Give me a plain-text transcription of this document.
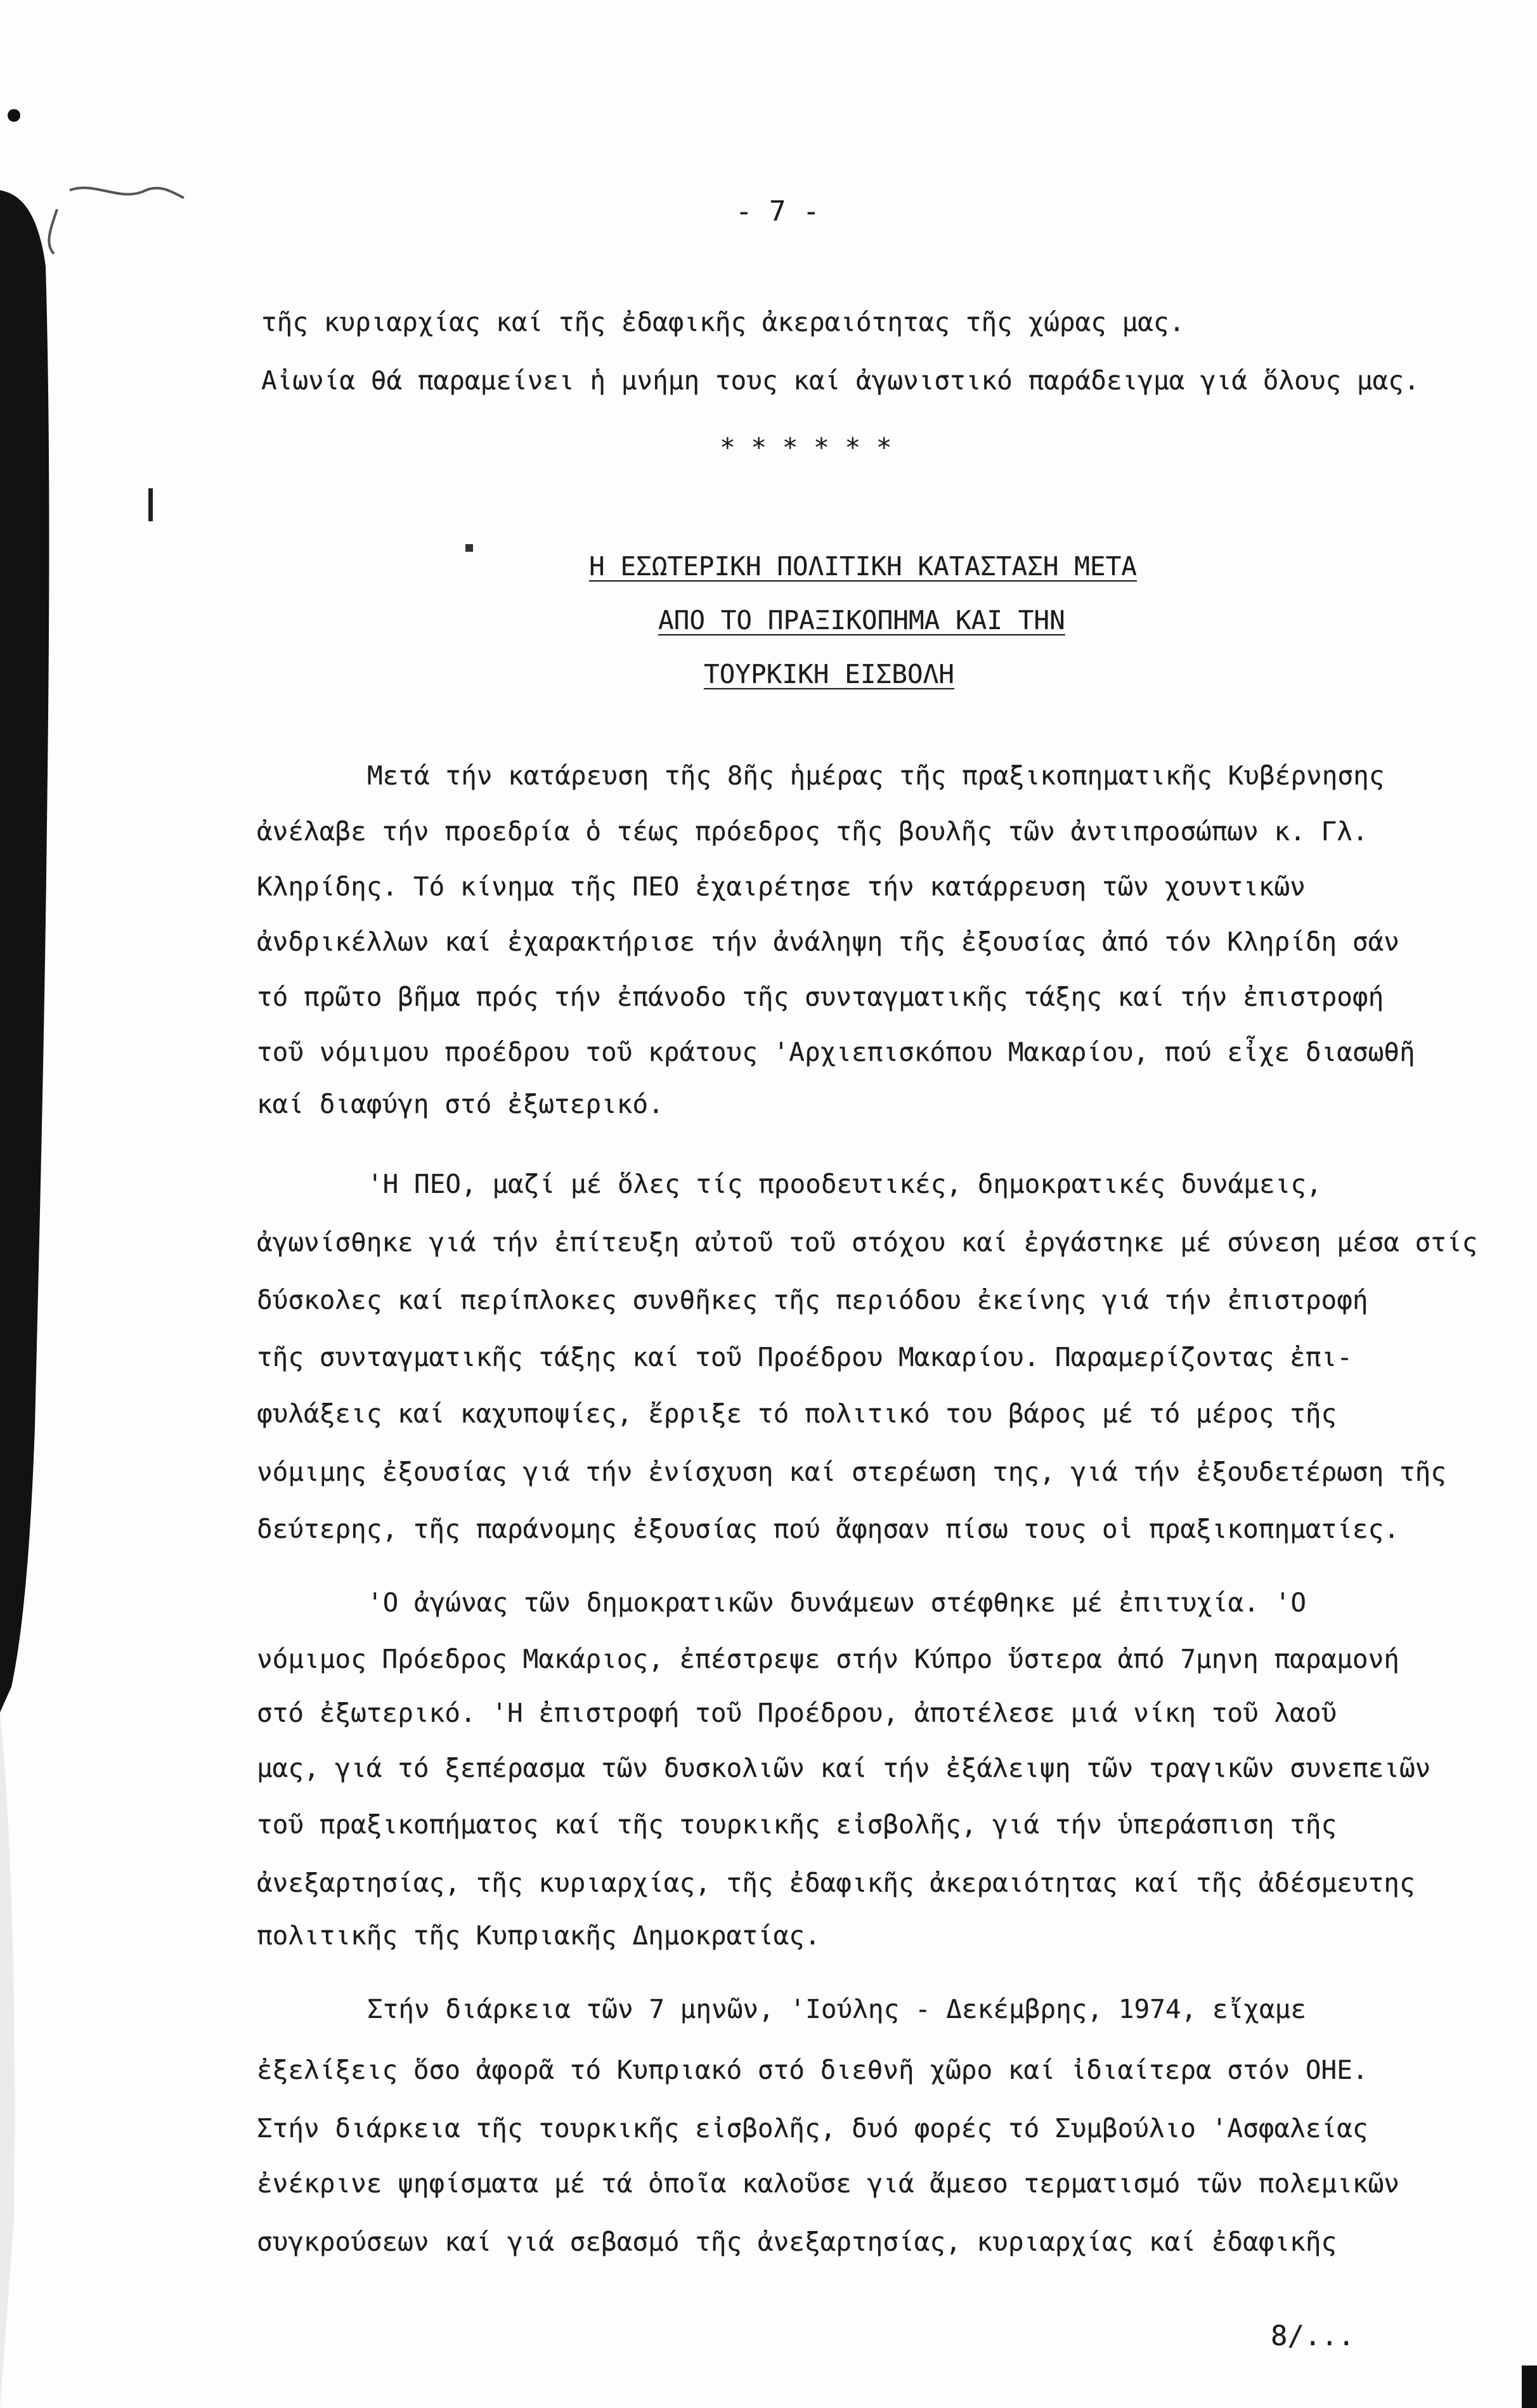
- 7 -
τῆς κυριαρχίας καί τῆς ἐδαφικῆς ἀκεραιότητας τῆς χώρας μας.
Αἰωνία θά παραμείνει ἡ μνήμη τους καί ἀγωνιστικό παράδειγμα γιά ὅλους μας.
* * * * * *
Η ΕΣΩΤΕΡΙΚΗ ΠΟΛΙΤΙΚΗ ΚΑΤΑΣΤΑΣΗ ΜΕΤΑ
ΑΠΟ ΤΟ ΠΡΑΞΙΚΟΠΗΜΑ ΚΑΙ ΤΗΝ
ΤΟΥΡΚΙΚΗ ΕΙΣΒΟΛΗ
Μετά τήν κατάρευση τῆς 8ῆς ἡμέρας τῆς πραξικοπηματικῆς Κυβέρνησης
ἀνέλαβε τήν προεδρία ὁ τέως πρόεδρος τῆς βουλῆς τῶν ἀντιπροσώπων κ. Γλ.
Κληρίδης. Τό κίνημα τῆς ΠΕΟ ἐχαιρέτησε τήν κατάρρευση τῶν χουντικῶν
ἀνδρικέλλων καί ἐχαρακτήρισε τήν ἀνάληψη τῆς ἐξουσίας ἀπό τόν Κληρίδη σάν
τό πρῶτο βῆμα πρός τήν ἐπάνοδο τῆς συνταγματικῆς τάξης καί τήν ἐπιστροφή
τοῦ νόμιμου προέδρου τοῦ κράτους 'Αρχιεπισκόπου Μακαρίου, πού εἶχε διασωθῆ
καί διαφύγη στό ἐξωτερικό.
'Η ΠΕΟ, μαζί μέ ὅλες τίς προοδευτικές, δημοκρατικές δυνάμεις,
ἀγωνίσθηκε γιά τήν ἐπίτευξη αὐτοῦ τοῦ στόχου καί ἐργάστηκε μέ σύνεση μέσα στίς
δύσκολες καί περίπλοκες συνθῆκες τῆς περιόδου ἐκείνης γιά τήν ἐπιστροφή
τῆς συνταγματικῆς τάξης καί τοῦ Προέδρου Μακαρίου. Παραμερίζοντας ἐπι-
φυλάξεις καί καχυποψίες, ἔρριξε τό πολιτικό του βάρος μέ τό μέρος τῆς
νόμιμης ἐξουσίας γιά τήν ἐνίσχυση καί στερέωση της, γιά τήν ἐξουδετέρωση τῆς
δεύτερης, τῆς παράνομης ἐξουσίας πού ἄφησαν πίσω τους οἱ πραξικοπηματίες.
'Ο ἀγώνας τῶν δημοκρατικῶν δυνάμεων στέφθηκε μέ ἐπιτυχία. 'Ο
νόμιμος Πρόεδρος Μακάριος, ἐπέστρεψε στήν Κύπρο ὕστερα ἀπό 7μηνη παραμονή
στό ἐξωτερικό. 'Η ἐπιστροφή τοῦ Προέδρου, ἀποτέλεσε μιά νίκη τοῦ λαοῦ
μας, γιά τό ξεπέρασμα τῶν δυσκολιῶν καί τήν ἐξάλειψη τῶν τραγικῶν συνεπειῶν
τοῦ πραξικοπήματος καί τῆς τουρκικῆς εἰσβολῆς, γιά τήν ὑπεράσπιση τῆς
ἀνεξαρτησίας, τῆς κυριαρχίας, τῆς ἐδαφικῆς ἀκεραιότητας καί τῆς ἀδέσμευτης
πολιτικῆς τῆς Κυπριακῆς Δημοκρατίας.
Στήν διάρκεια τῶν 7 μηνῶν, 'Ιούλης - Δεκέμβρης, 1974, εἴχαμε
ἐξελίξεις ὅσο ἀφορᾶ τό Κυπριακό στό διεθνῆ χῶρο καί ἰδιαίτερα στόν ΟΗΕ.
Στήν διάρκεια τῆς τουρκικῆς εἰσβολῆς, δυό φορές τό Συμβούλιο 'Ασφαλείας
ἐνέκρινε ψηφίσματα μέ τά ὁποῖα καλοῦσε γιά ἄμεσο τερματισμό τῶν πολεμικῶν
συγκρούσεων καί γιά σεβασμό τῆς ἀνεξαρτησίας, κυριαρχίας καί ἐδαφικῆς
8/...
